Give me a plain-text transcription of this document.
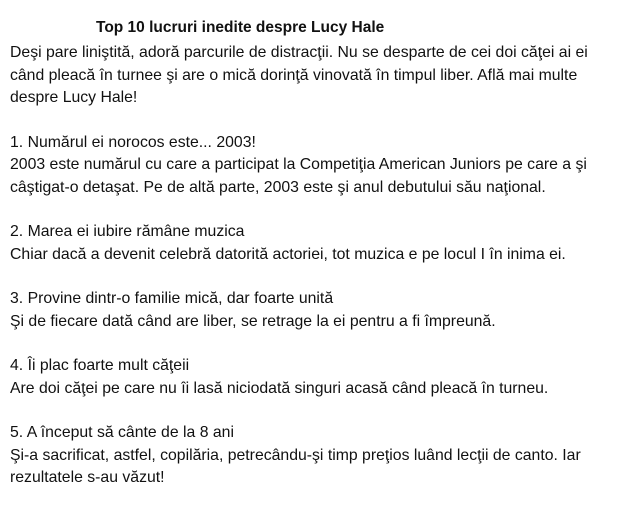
Top 10 lucruri inedite despre Lucy Hale

Deşi pare liniştită, adoră parcurile de distracţii. Nu se desparte de cei doi căţei ai ei când pleacă în turnee şi are o mică dorinţă vinovată în timpul liber. Află mai multe despre Lucy Hale!

1. Numărul ei norocos este... 2003!
2003 este numărul cu care a participat la Competiţia American Juniors pe care a şi câştigat-o detaşat. Pe de altă parte, 2003 este şi anul debutului său naţional.
2. Marea ei iubire rămâne muzica
Chiar dacă a devenit celebră datorită actoriei, tot muzica e pe locul I în inima ei.
3. Provine dintr-o familie mică, dar foarte unită
Şi de fiecare dată când are liber, se retrage la ei pentru a fi împreună.
4. Îi plac foarte mult căţeii
Are doi căţei pe care nu îi lasă niciodată singuri acasă când pleacă în turneu.
5. A început să cânte de la 8 ani
Şi-a sacrificat, astfel, copilăria, petrecându-şi timp preţios luând lecţii de canto. Iar rezultatele s-au văzut!
